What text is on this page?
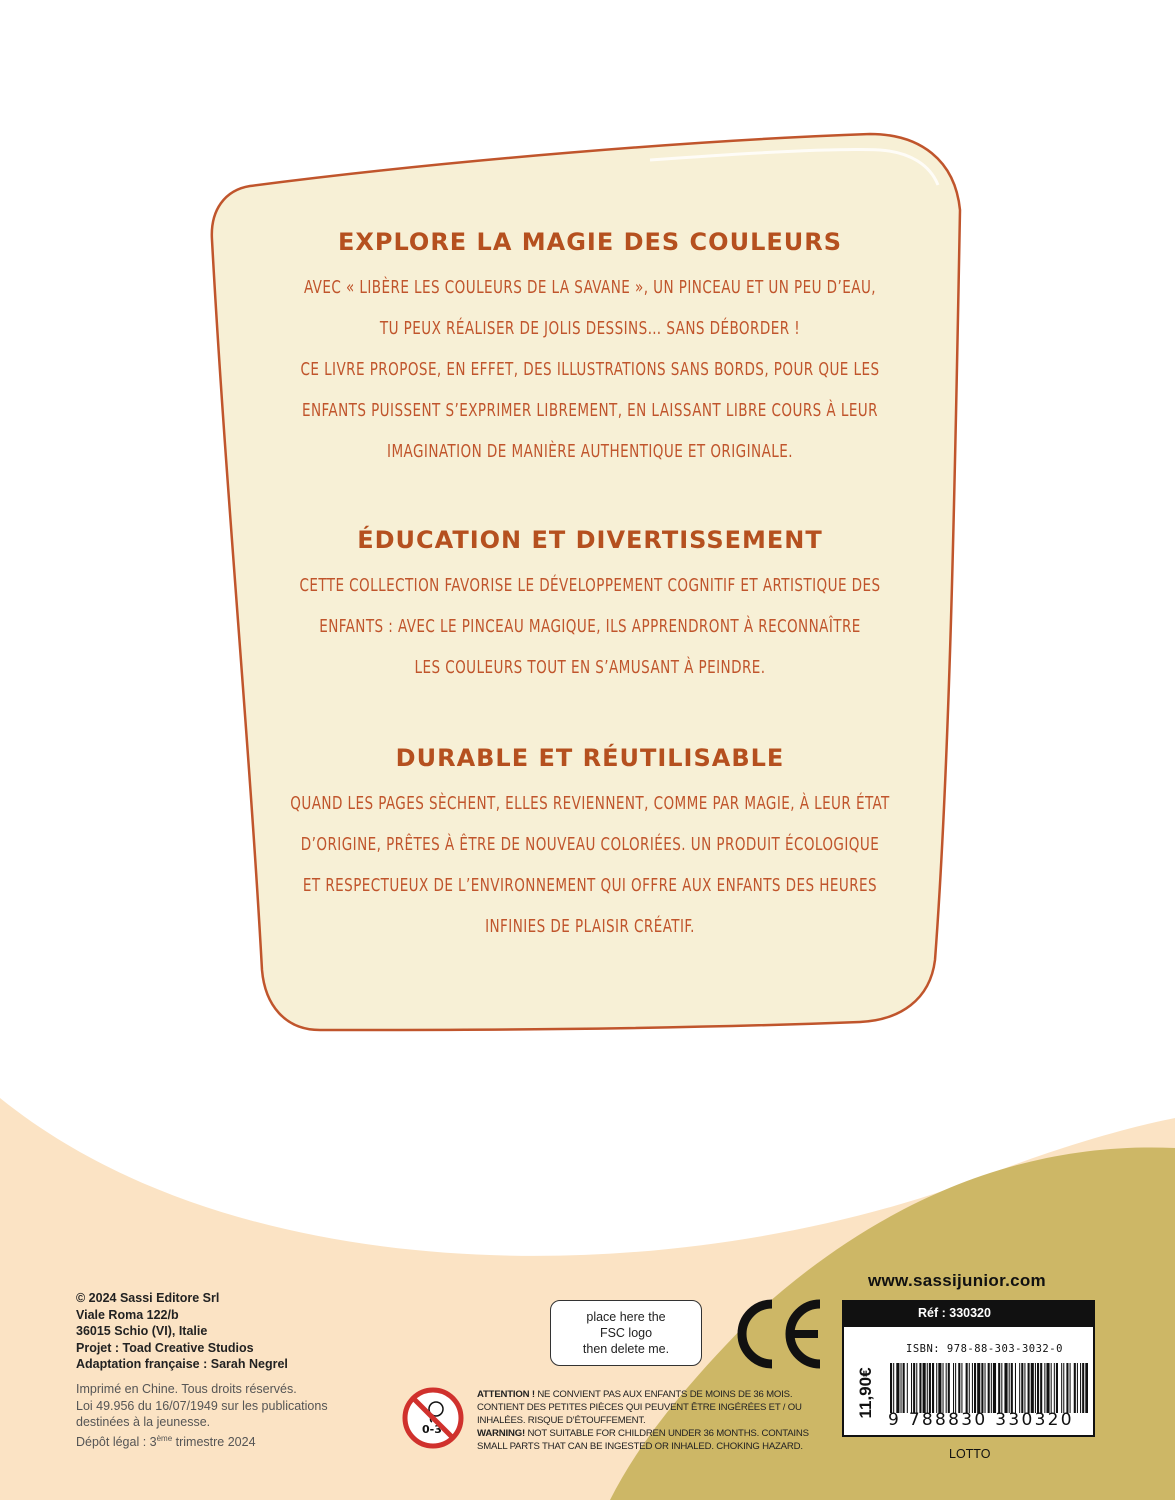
EXPLORE LA MAGIE DES COULEURS

AVEC « LIBÈRE LES COULEURS DE LA SAVANE », UN PINCEAU ET UN PEU D’EAU,

TU PEUX RÉALISER DE JOLIS DESSINS… SANS DÉBORDER !

CE LIVRE PROPOSE, EN EFFET, DES ILLUSTRATIONS SANS BORDS, POUR QUE LES

ENFANTS PUISSENT S’EXPRIMER LIBREMENT, EN LAISSANT LIBRE COURS À LEUR

IMAGINATION DE MANIÈRE AUTHENTIQUE ET ORIGINALE.

ÉDUCATION ET DIVERTISSEMENT

CETTE COLLECTION FAVORISE LE DÉVELOPPEMENT COGNITIF ET ARTISTIQUE DES

ENFANTS : AVEC LE PINCEAU MAGIQUE, ILS APPRENDRONT À RECONNAÎTRE

LES COULEURS TOUT EN S’AMUSANT À PEINDRE.

DURABLE ET RÉUTILISABLE

QUAND LES PAGES SÈCHENT, ELLES REVIENNENT, COMME PAR MAGIE, À LEUR ÉTAT

D’ORIGINE, PRÊTES À ÊTRE DE NOUVEAU COLORIÉES. UN PRODUIT ÉCOLOGIQUE

ET RESPECTUEUX DE L’ENVIRONNEMENT QUI OFFRE AUX ENFANTS DES HEURES

INFINIES DE PLAISIR CRÉATIF.

© 2024 Sassi Editore Srl
Viale Roma 122/b
36015 Schio (VI), Italie
Projet : Toad Creative Studios
Adaptation française : Sarah Negrel
Imprimé en Chine. Tous droits réservés.
Loi 49.956 du 16/07/1949 sur les publications
destinées à la jeunesse.
Dépôt légal : 3ème trimestre 2024
place here the
FSC logo
then delete me.
0-3
ATTENTION ! NE CONVIENT PAS AUX ENFANTS DE MOINS DE 36 MOIS. CONTIENT DES PETITES PIÈCES QUI PEUVENT ÊTRE INGÉRÉES ET / OU INHALÉES. RISQUE D’ÉTOUFFEMENT.
WARNING! NOT SUITABLE FOR CHILDREN UNDER 36 MONTHS. CONTAINS SMALL PARTS THAT CAN BE INGESTED OR INHALED. CHOKING HAZARD.
www.sassijunior.com
Réf : 330320
ISBN: 978-88-303-3032-0
11,90€
9 788830 330320
LOTTO
